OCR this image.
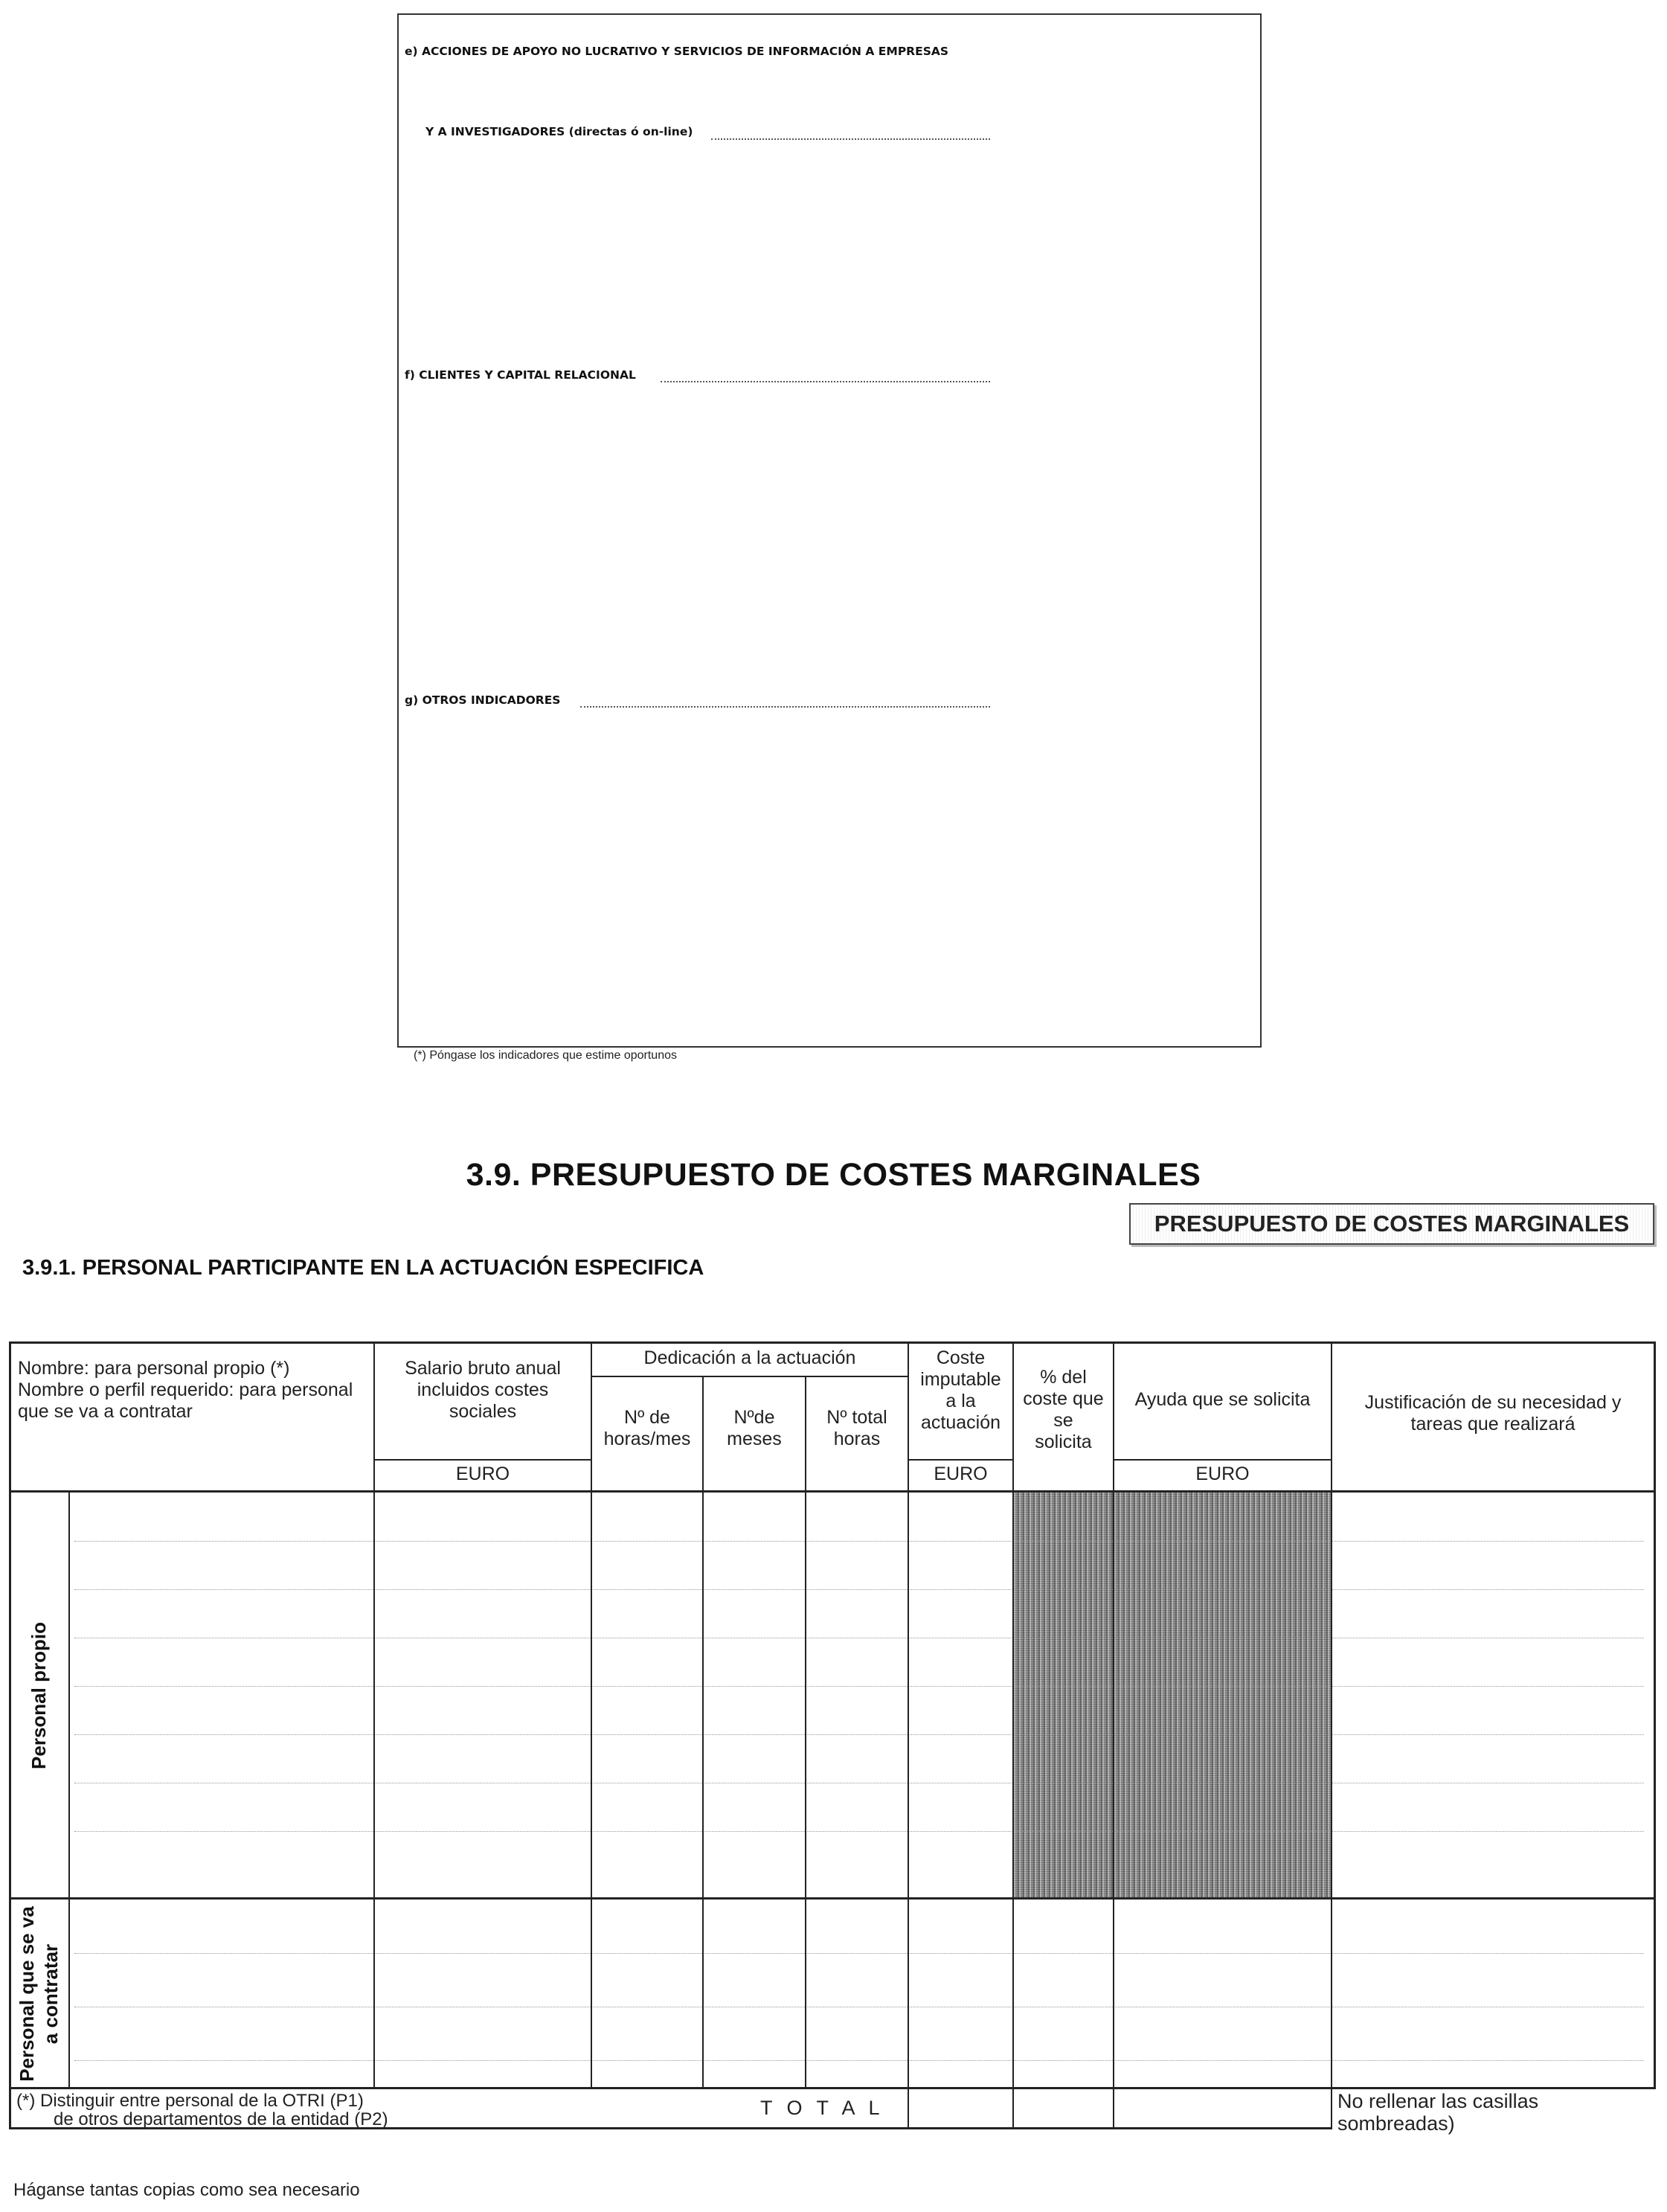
e) ACCIONES DE APOYO NO LUCRATIVO Y SERVICIOS DE INFORMACIÓN A EMPRESAS
Y A INVESTIGADORES (directas ó on-line)
f) CLIENTES Y CAPITAL RELACIONAL
g) OTROS INDICADORES
(*) Póngase los indicadores que estime oportunos
3.9. PRESUPUESTO DE COSTES MARGINALES
PRESUPUESTO DE COSTES MARGINALES
3.9.1. PERSONAL PARTICIPANTE EN LA ACTUACIÓN ESPECIFICA
Nombre: para personal propio (*)
Nombre o perfil requerido: para personal
que se va a contratar
Salario bruto anual
incluidos costes
sociales
EURO
Dedicación a la actuación
Nº de
horas/mes
Nºde
meses
Nº total
horas
Coste
imputable
a la
actuación
EURO
% del
coste que
se
solicita
Ayuda que se solicita
EURO
Justificación de su necesidad y
tareas que realizará
Personal propio
Personal que se va a contratar
(*) Distinguir entre personal de la OTRI (P1)
de otros departamentos de la entidad (P2)
T O T A L	No rellenar las casillas
sombreadas)
Háganse tantas copias como sea necesario
